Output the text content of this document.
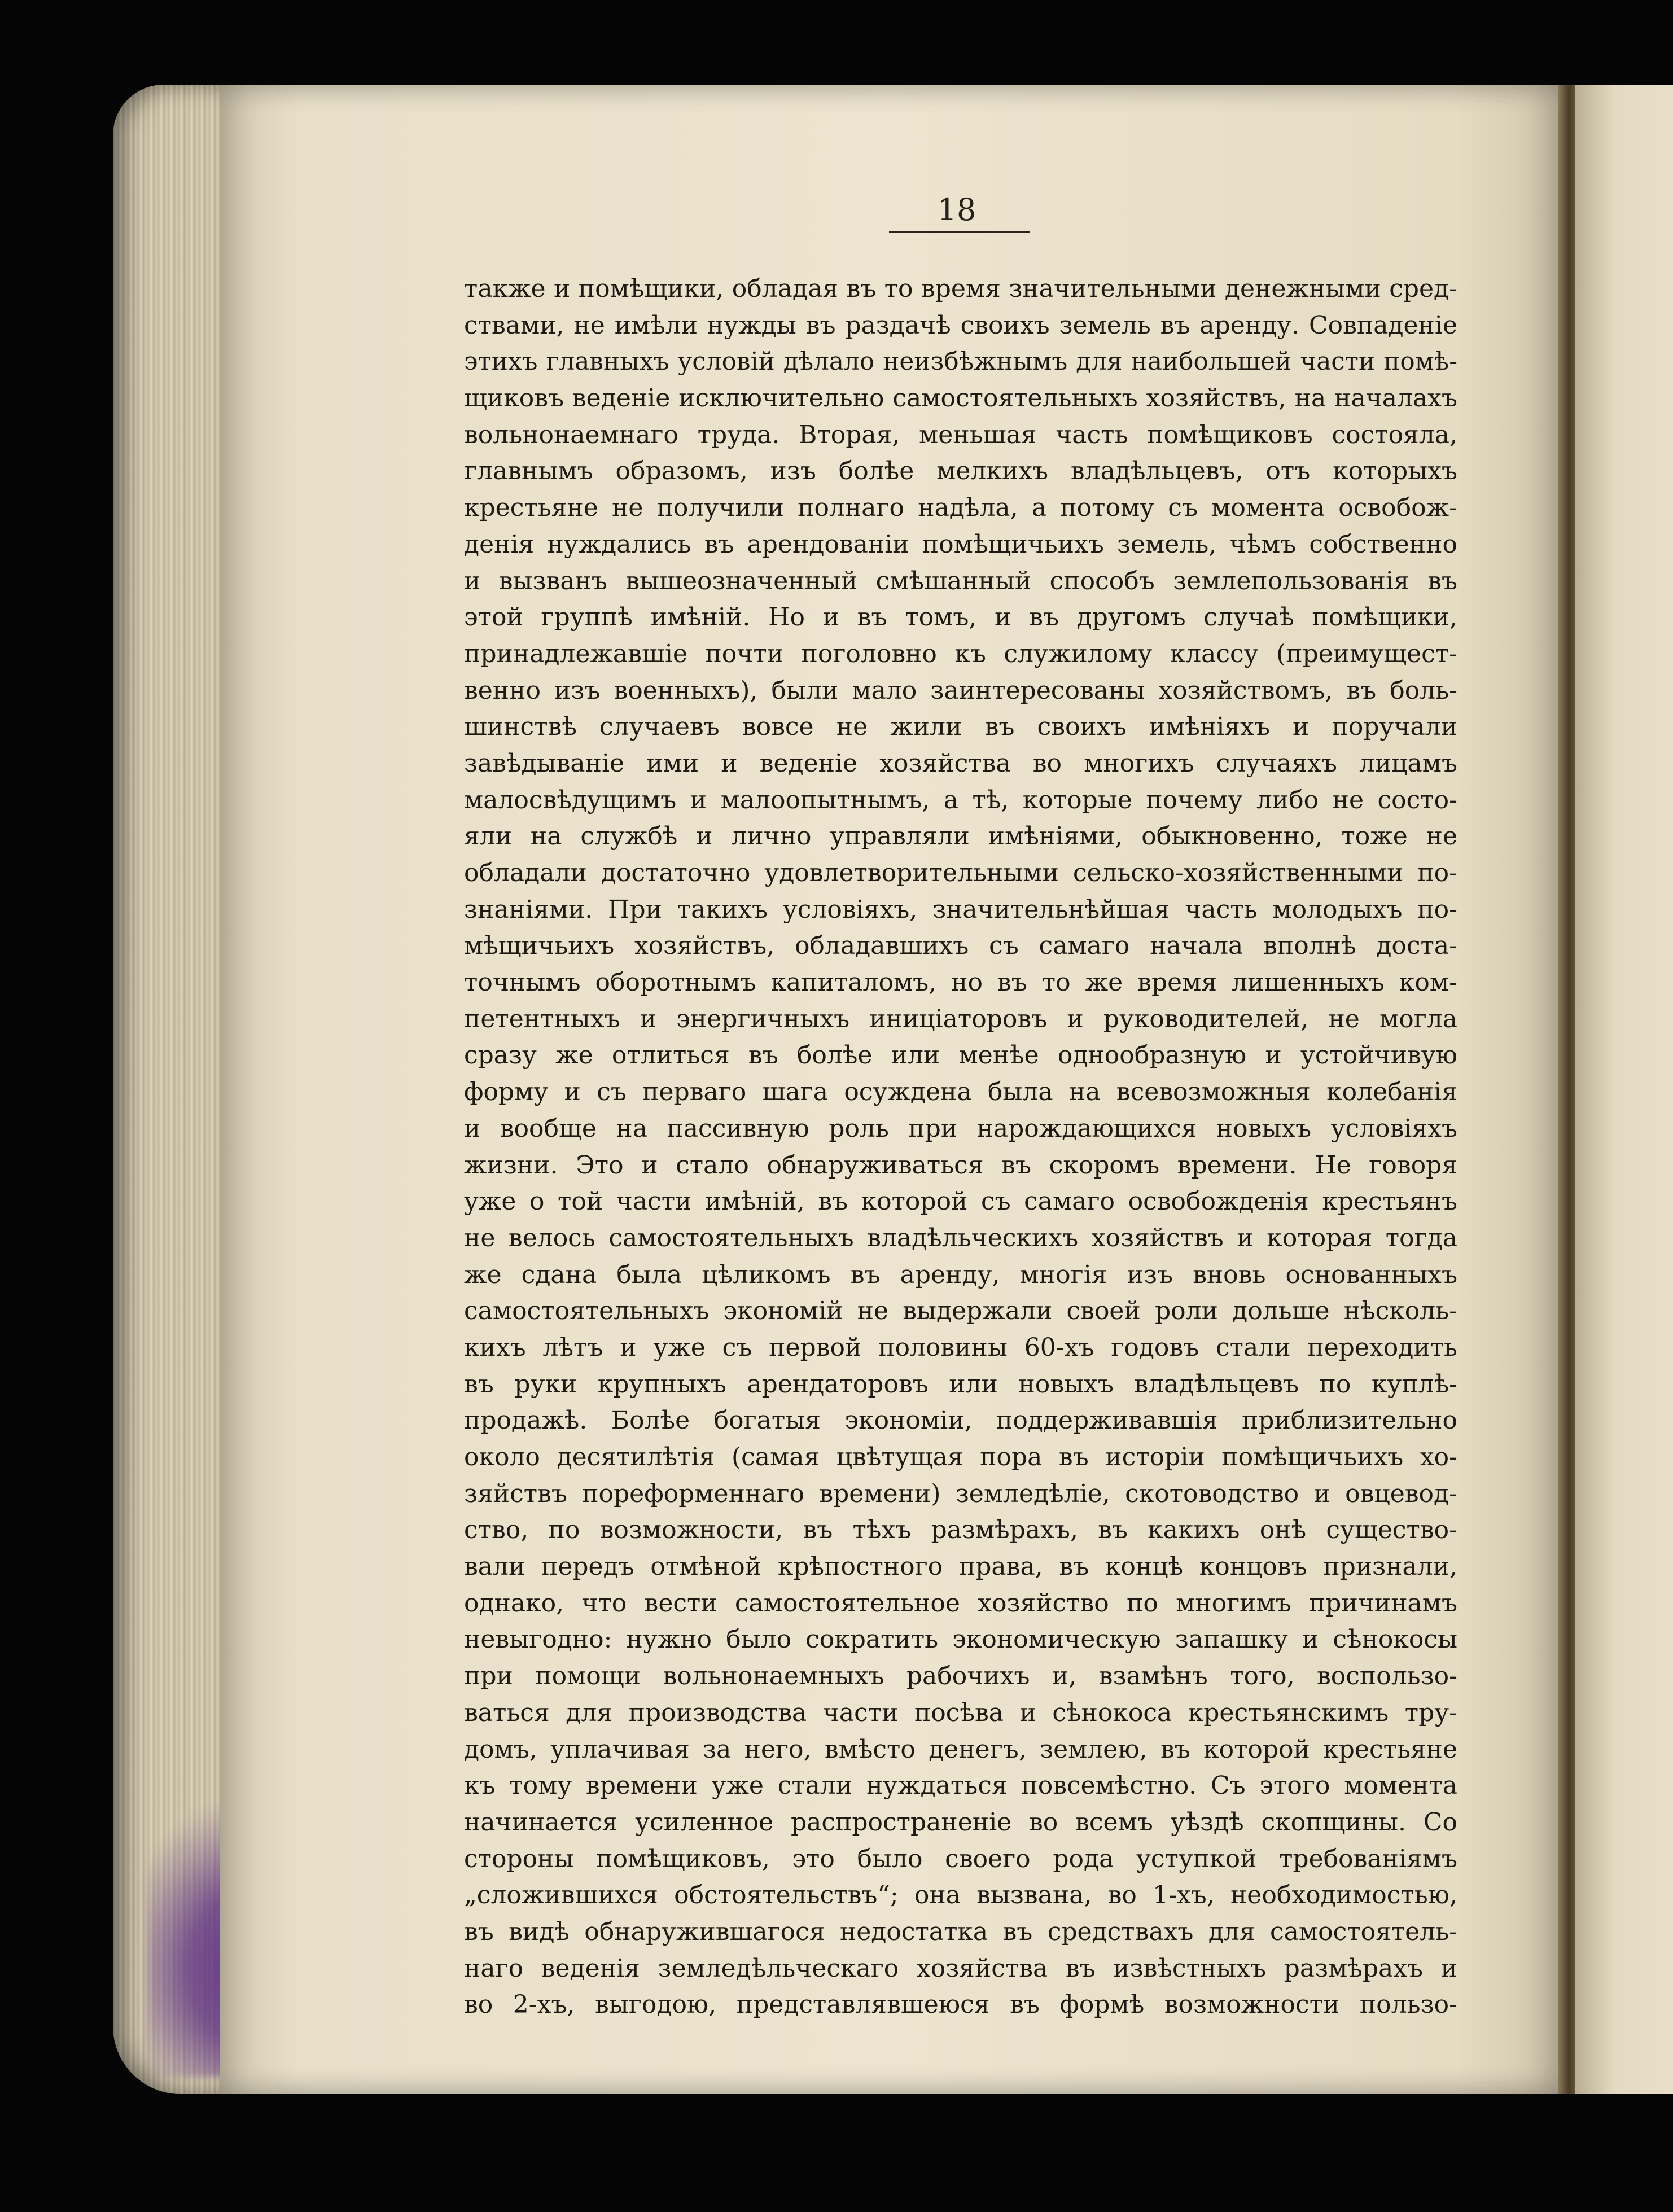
18
также и помѣщики, обладая въ то время значительными денежными сред-
ствами, не имѣли нужды въ раздачѣ своихъ земель въ аренду. Совпаденіе
этихъ главныхъ условій дѣлало неизбѣжнымъ для наибольшей части помѣ-
щиковъ веденіе исключительно самостоятельныхъ хозяйствъ, на началахъ
вольнонаемнаго труда. Вторая, меньшая часть помѣщиковъ состояла,
главнымъ образомъ, изъ болѣе мелкихъ владѣльцевъ, отъ которыхъ
крестьяне не получили полнаго надѣла, а потому съ момента освобож-
денія нуждались въ арендованіи помѣщичьихъ земель, чѣмъ собственно
и вызванъ вышеозначенный смѣшанный способъ землепользованія въ
этой группѣ имѣній. Но и въ томъ, и въ другомъ случаѣ помѣщики,
принадлежавшіе почти поголовно къ служилому классу (преимущест-
венно изъ военныхъ), были мало заинтересованы хозяйствомъ, въ боль-
шинствѣ случаевъ вовсе не жили въ своихъ имѣніяхъ и поручали
завѣдываніе ими и веденіе хозяйства во многихъ случаяхъ лицамъ
малосвѣдущимъ и малоопытнымъ, а тѣ, которые почему либо не состо-
яли на службѣ и лично управляли имѣніями, обыкновенно, тоже не
обладали достаточно удовлетворительными сельско-хозяйственными по-
знаніями. При такихъ условіяхъ, значительнѣйшая часть молодыхъ по-
мѣщичьихъ хозяйствъ, обладавшихъ съ самаго начала вполнѣ доста-
точнымъ оборотнымъ капиталомъ, но въ то же время лишенныхъ ком-
петентныхъ и энергичныхъ иниціаторовъ и руководителей, не могла
сразу же отлиться въ болѣе или менѣе однообразную и устойчивую
форму и съ перваго шага осуждена была на всевозможныя колебанія
и вообще на пассивную роль при нарождающихся новыхъ условіяхъ
жизни. Это и стало обнаруживаться въ скоромъ времени. Не говоря
уже о той части имѣній, въ которой съ самаго освобожденія крестьянъ
не велось самостоятельныхъ владѣльческихъ хозяйствъ и которая тогда
же сдана была цѣликомъ въ аренду, многія изъ вновь основанныхъ
самостоятельныхъ экономій не выдержали своей роли дольше нѣсколь-
кихъ лѣтъ и уже съ первой половины 60-хъ годовъ стали переходить
въ руки крупныхъ арендаторовъ или новыхъ владѣльцевъ по куплѣ-
продажѣ. Болѣе богатыя экономіи, поддерживавшія приблизительно
около десятилѣтія (самая цвѣтущая пора въ исторіи помѣщичьихъ хо-
зяйствъ пореформеннаго времени) земледѣліе, скотоводство и овцевод-
ство, по возможности, въ тѣхъ размѣрахъ, въ какихъ онѣ существо-
вали передъ отмѣной крѣпостного права, въ концѣ концовъ признали,
однако, что вести самостоятельное хозяйство по многимъ причинамъ
невыгодно: нужно было сократить экономическую запашку и сѣнокосы
при помощи вольнонаемныхъ рабочихъ и, взамѣнъ того, воспользо-
ваться для производства части посѣва и сѣнокоса крестьянскимъ тру-
домъ, уплачивая за него, вмѣсто денегъ, землею, въ которой крестьяне
къ тому времени уже стали нуждаться повсемѣстно. Съ этого момента
начинается усиленное распространеніе во всемъ уѣздѣ скопщины. Со
стороны помѣщиковъ, это было своего рода уступкой требованіямъ
„сложившихся обстоятельствъ“; она вызвана, во 1-хъ, необходимостью,
въ видѣ обнаружившагося недостатка въ средствахъ для самостоятель-
наго веденія земледѣльческаго хозяйства въ извѣстныхъ размѣрахъ и
во 2-хъ, выгодою, представлявшеюся въ формѣ возможности пользо-
